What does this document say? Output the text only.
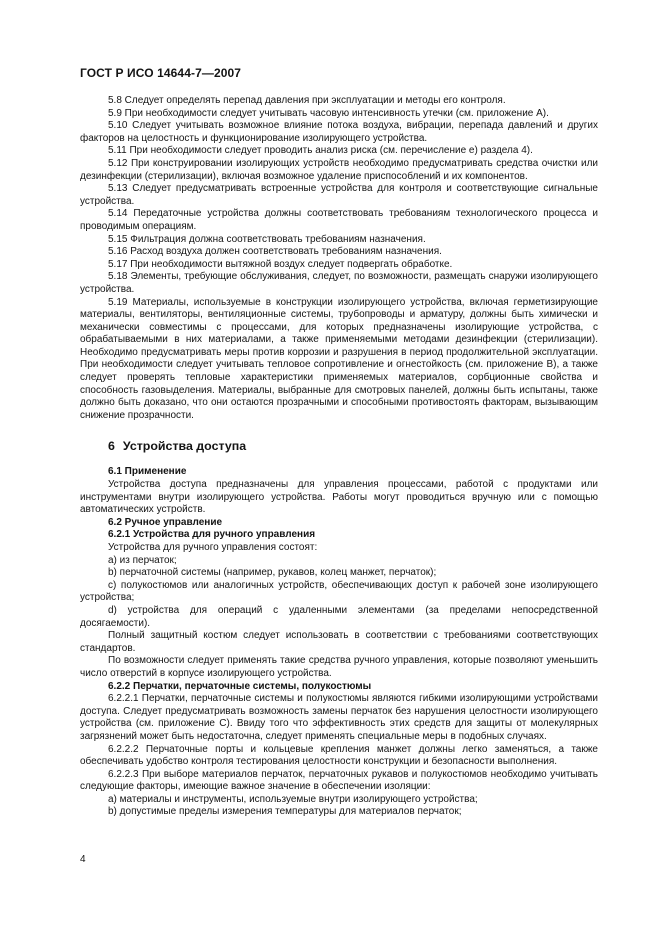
ГОСТ Р ИСО 14644-7—2007

5.8 Следует определять перепад давления при эксплуатации и методы его контроля.

5.9 При необходимости следует учитывать часовую интенсивность утечки (см. приложение А).

5.10 Следует учитывать возможное влияние потока воздуха, вибрации, перепада давлений и других факторов на целостность и функционирование изолирующего устройства.

5.11 При необходимости следует проводить анализ риска (см. перечисление е) раздела 4).

5.12 При конструировании изолирующих устройств необходимо предусматривать средства очистки или дезинфекции (стерилизации), включая возможное удаление приспособлений и их компонентов.

5.13 Следует предусматривать встроенные устройства для контроля и соответствующие сигнальные устройства.

5.14 Передаточные устройства должны соответствовать требованиям технологического процесса и проводимым операциям.

5.15 Фильтрация должна соответствовать требованиям назначения.

5.16 Расход воздуха должен соответствовать требованиям назначения.

5.17 При необходимости вытяжной воздух следует подвергать обработке.

5.18 Элементы, требующие обслуживания, следует, по возможности, размещать снаружи изолирующего устройства.

5.19 Материалы, используемые в конструкции изолирующего устройства, включая герметизирующие материалы, вентиляторы, вентиляционные системы, трубопроводы и арматуру, должны быть химически и механически совместимы с процессами, для которых предназначены изолирующие устройства, с обрабатываемыми в них материалами, а также применяемыми методами дезинфекции (стерилизации). Необходимо предусматривать меры против коррозии и разрушения в период продолжительной эксплуатации. При необходимости следует учитывать тепловое сопротивление и огнестойкость (см. приложение В), а также следует проверять тепловые характеристики применяемых материалов, сорбционные свойства и способность газовыделения. Материалы, выбранные для смотровых панелей, должны быть испытаны, также должно быть доказано, что они остаются прозрачными и способными противостоять факторам, вызывающим снижение прозрачности.

6 Устройства доступа

6.1 Применение

Устройства доступа предназначены для управления процессами, работой с продуктами или инструментами внутри изолирующего устройства. Работы могут проводиться вручную или с помощью автоматических устройств.

6.2 Ручное управление

6.2.1 Устройства для ручного управления

Устройства для ручного управления состоят:

a) из перчаток;

b) перчаточной системы (например, рукавов, колец манжет, перчаток);

c) полукостюмов или аналогичных устройств, обеспечивающих доступ к рабочей зоне изолирующего устройства;

d) устройства для операций с удаленными элементами (за пределами непосредственной досягаемости).

Полный защитный костюм следует использовать в соответствии с требованиями соответствующих стандартов.

По возможности следует применять такие средства ручного управления, которые позволяют уменьшить число отверстий в корпусе изолирующего устройства.

6.2.2 Перчатки, перчаточные системы, полукостюмы

6.2.2.1 Перчатки, перчаточные системы и полукостюмы являются гибкими изолирующими устройствами доступа. Следует предусматривать возможность замены перчаток без нарушения целостности изолирующего устройства (см. приложение С). Ввиду того что эффективность этих средств для защиты от молекулярных загрязнений может быть недостаточна, следует применять специальные меры в подобных случаях.

6.2.2.2 Перчаточные порты и кольцевые крепления манжет должны легко заменяться, а также обеспечивать удобство контроля тестирования целостности конструкции и безопасности выполнения.

6.2.2.3 При выборе материалов перчаток, перчаточных рукавов и полукостюмов необходимо учитывать следующие факторы, имеющие важное значение в обеспечении изоляции:

a) материалы и инструменты, используемые внутри изолирующего устройства;

b) допустимые пределы измерения температуры для материалов перчаток;

4
